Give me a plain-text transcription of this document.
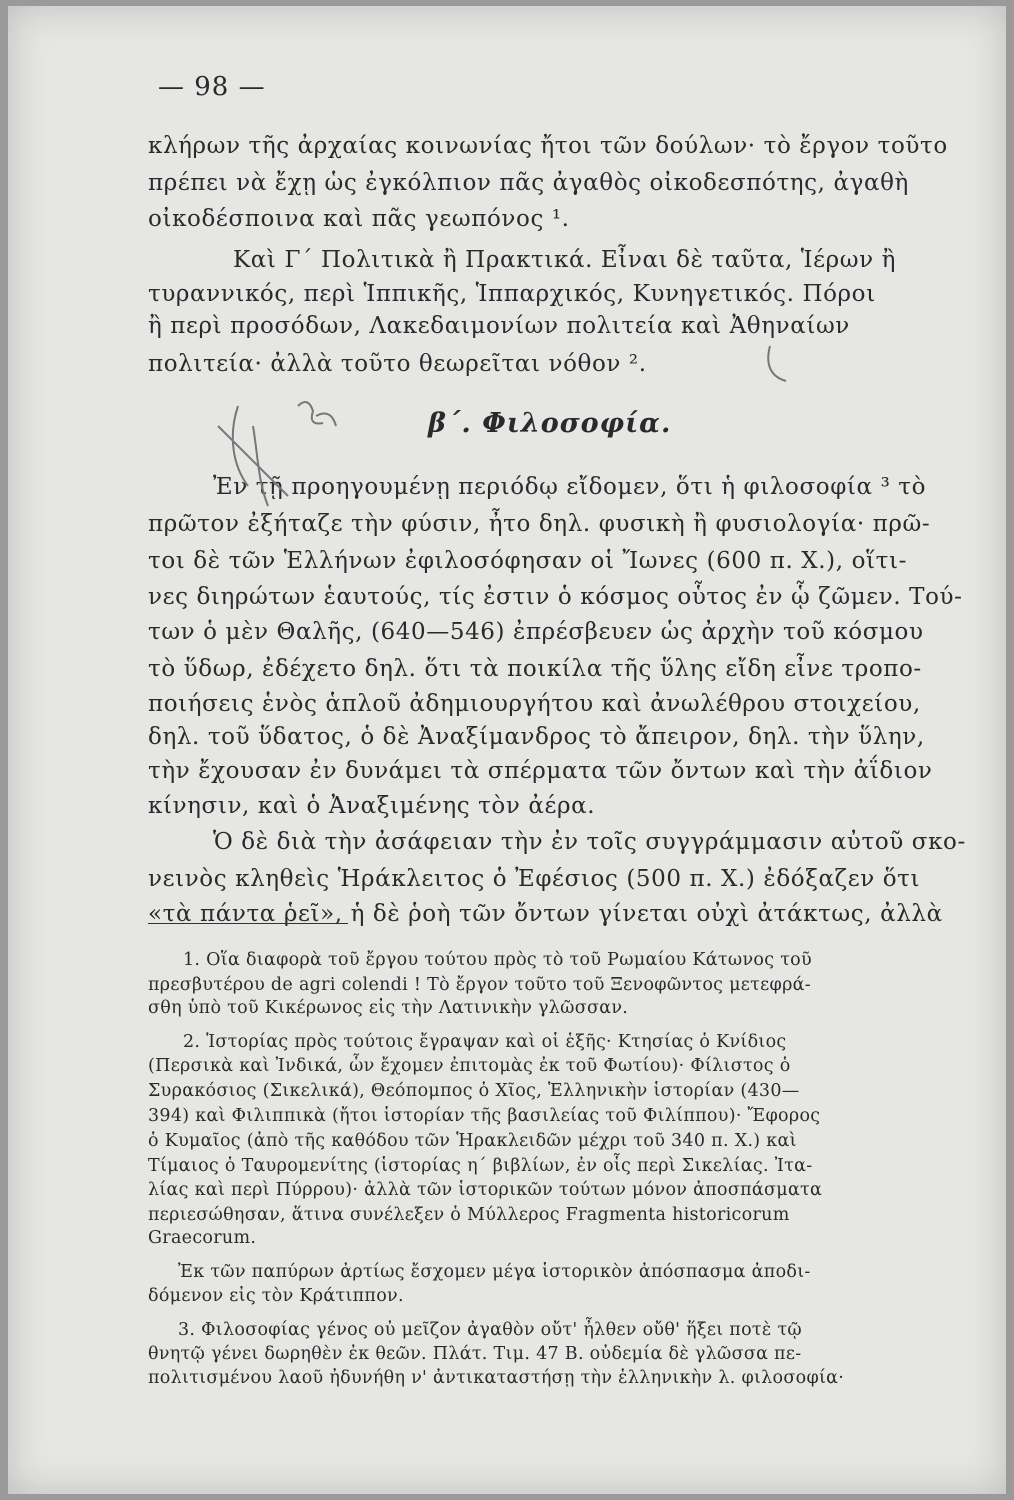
— 98 —
κλήρων τῆς ἀρχαίας κοινωνίας ἤτοι τῶν δούλων· τὸ ἔργον τοῦτο
πρέπει νὰ ἔχῃ ὡς ἐγκόλπιον πᾶς ἀγαθὸς οἰκοδεσπότης, ἀγαθὴ
οἰκοδέσποινα καὶ πᾶς γεωπόνος ¹.
Καὶ Γ΄ Πολιτικὰ ἢ Πρακτικά. Εἶναι δὲ ταῦτα, Ἱέρων ἢ
τυραννικός, περὶ Ἱππικῆς, Ἱππαρχικός, Κυνηγετικός. Πόροι
ἢ περὶ προσόδων, Λακεδαιμονίων πολιτεία καὶ Ἀθηναίων
πολιτεία· ἀλλὰ τοῦτο θεωρεῖται νόθον ².
Ἐν τῇ προηγουμένῃ περιόδῳ εἴδομεν, ὅτι ἡ φιλοσοφία ³ τὸ
πρῶτον ἐξήταζε τὴν φύσιν, ἦτο δηλ. φυσικὴ ἢ φυσιολογία· πρῶ-
τοι δὲ τῶν Ἑλλήνων ἐφιλοσόφησαν οἱ Ἴωνες (600 π. Χ.), οἵτι-
νες διηρώτων ἑαυτούς, τίς ἐστιν ὁ κόσμος οὗτος ἐν ᾧ ζῶμεν. Τού-
των ὁ μὲν Θαλῆς, (640—546) ἐπρέσβευεν ὡς ἀρχὴν τοῦ κόσμου
τὸ ὕδωρ, ἐδέχετο δηλ. ὅτι τὰ ποικίλα τῆς ὕλης εἴδη εἶνε τροπο-
ποιήσεις ἑνὸς ἁπλοῦ ἀδημιουργήτου καὶ ἀνωλέθρου στοιχείου,
δηλ. τοῦ ὕδατος, ὁ δὲ Ἀναξίμανδρος τὸ ἄπειρον, δηλ. τὴν ὕλην,
τὴν ἔχουσαν ἐν δυνάμει τὰ σπέρματα τῶν ὄντων καὶ τὴν ἀΐδιον
κίνησιν, καὶ ὁ Ἀναξιμένης τὸν ἀέρα.
Ὁ δὲ διὰ τὴν ἀσάφειαν τὴν ἐν τοῖς συγγράμμασιν αὐτοῦ σκο-
νεινὸς κληθεὶς Ἡράκλειτος ὁ Ἐφέσιος (500 π. Χ.) ἐδόξαζεν ὅτι
«τὰ πάντα ῥεῖ», ἡ δὲ ῥοὴ τῶν ὄντων γίνεται οὐχὶ ἀτάκτως, ἀλλὰ
β΄. Φιλοσοφία.
1. Οἵα διαφορὰ τοῦ ἔργου τούτου πρὸς τὸ τοῦ Ρωμαίου Κάτωνος τοῦ
πρεσβυτέρου de agri colendi ! Τὸ ἔργον τοῦτο τοῦ Ξενοφῶντος μετεφρά-
σθη ὑπὸ τοῦ Κικέρωνος εἰς τὴν Λατινικὴν γλῶσσαν.
2. Ἱστορίας πρὸς τούτοις ἔγραψαν καὶ οἱ ἑξῆς· Κτησίας ὁ Κνίδιος
(Περσικὰ καὶ Ἰνδικά, ὧν ἔχομεν ἐπιτομὰς ἐκ τοῦ Φωτίου)· Φίλιστος ὁ
Συρακόσιος (Σικελικά), Θεόπομπος ὁ Χῖος, Ἑλληνικὴν ἱστορίαν (430—
394) καὶ Φιλιππικὰ (ἤτοι ἱστορίαν τῆς βασιλείας τοῦ Φιλίππου)· Ἔφορος
ὁ Κυμαῖος (ἀπὸ τῆς καθόδου τῶν Ἡρακλειδῶν μέχρι τοῦ 340 π. Χ.) καὶ
Τίμαιος ὁ Ταυρομενίτης (ἱστορίας η΄ βιβλίων, ἐν οἷς περὶ Σικελίας. Ἰτα-
λίας καὶ περὶ Πύρρου)· ἀλλὰ τῶν ἱστορικῶν τούτων μόνον ἀποσπάσματα
περιεσώθησαν, ἅτινα συνέλεξεν ὁ Μύλλερος Fragmenta historicorum
Graecorum.
Ἐκ τῶν παπύρων ἀρτίως ἔσχομεν μέγα ἱστορικὸν ἀπόσπασμα ἀποδι-
δόμενον εἰς τὸν Κράτιππον.
3. Φιλοσοφίας γένος οὐ μεῖζον ἀγαθὸν οὔτ' ἦλθεν οὔθ' ἥξει ποτὲ τῷ
θνητῷ γένει δωρηθὲν ἐκ θεῶν. Πλάτ. Τιμ. 47 Β. οὐδεμία δὲ γλῶσσα πε-
πολιτισμένου λαοῦ ἠδυνήθη ν' ἀντικαταστήσῃ τὴν ἑλληνικὴν λ. φιλοσοφία·
